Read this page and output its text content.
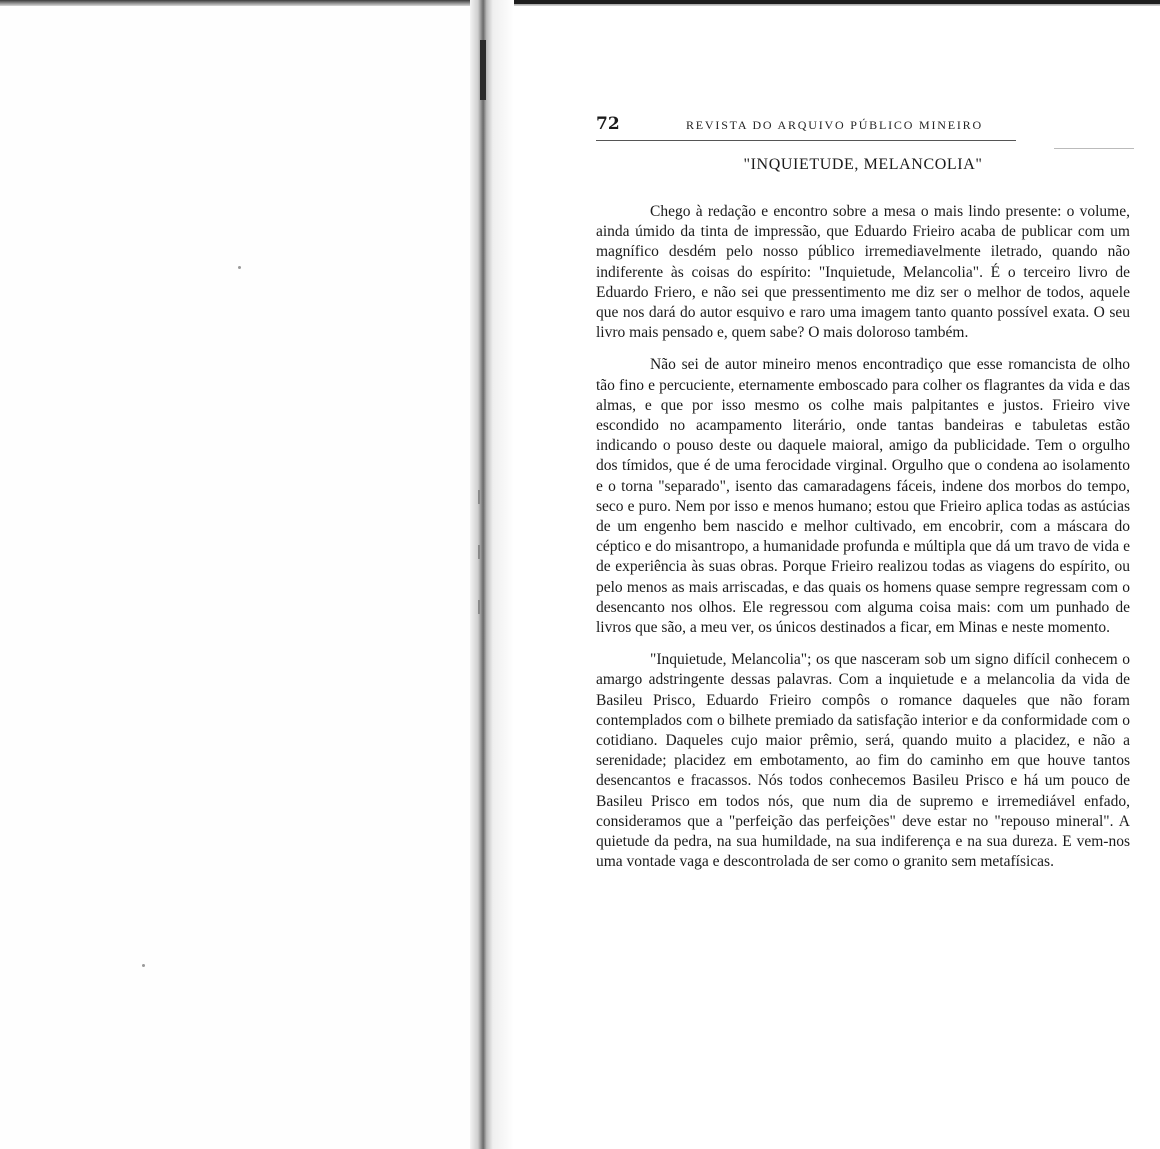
72	REVISTA DO ARQUIVO PÚBLICO MINEIRO
"INQUIETUDE, MELANCOLIA"

Chego à redação e encontro sobre a mesa o mais lindo presente: o volume, ainda úmido da tinta de impressão, que Eduardo Frieiro acaba de publicar com um magnífico desdém pelo nosso público irremediavelmente iletrado, quando não indiferente às coisas do espírito: "Inquietude, Melancolia". É o terceiro livro de Eduardo Friero, e não sei que pressentimento me diz ser o melhor de todos, aquele que nos dará do autor esquivo e raro uma imagem tanto quanto possível exata. O seu livro mais pensado e, quem sabe? O mais doloroso também.

Não sei de autor mineiro menos encontradiço que esse romancista de olho tão fino e percuciente, eternamente emboscado para colher os flagrantes da vida e das almas, e que por isso mesmo os colhe mais palpitantes e justos. Frieiro vive escondido no acampamento literário, onde tantas bandeiras e tabuletas estão indicando o pouso deste ou daquele maioral, amigo da publicidade. Tem o orgulho dos tímidos, que é de uma ferocidade virginal. Orgulho que o condena ao isolamento e o torna "separado", isento das camaradagens fáceis, indene dos morbos do tempo, seco e puro. Nem por isso e menos humano; estou que Frieiro aplica todas as astúcias de um engenho bem nascido e melhor cultivado, em encobrir, com a máscara do céptico e do misantropo, a humanidade profunda e múltipla que dá um travo de vida e de experiência às suas obras. Porque Frieiro realizou todas as viagens do espírito, ou pelo menos as mais arriscadas, e das quais os homens quase sempre regressam com o desencanto nos olhos. Ele regressou com alguma coisa mais: com um punhado de livros que são, a meu ver, os únicos destinados a ficar, em Minas e neste momento.

"Inquietude, Melancolia"; os que nasceram sob um signo difícil conhecem o amargo adstringente dessas palavras. Com a inquietude e a melancolia da vida de Basileu Prisco, Eduardo Frieiro compôs o romance daqueles que não foram contemplados com o bilhete premiado da satisfação interior e da conformidade com o cotidiano. Daqueles cujo maior prêmio, será, quando muito a placidez, e não a serenidade; placidez em embotamento, ao fim do caminho em que houve tantos desencantos e fracassos. Nós todos conhecemos Basileu Prisco e há um pouco de Basileu Prisco em todos nós, que num dia de supremo e irremediável enfado, consideramos que a "perfeição das perfeições" deve estar no "repouso mineral". A quietude da pedra, na sua humildade, na sua indiferença e na sua dureza. E vem-nos uma vontade vaga e descontrolada de ser como o granito sem metafísicas.
